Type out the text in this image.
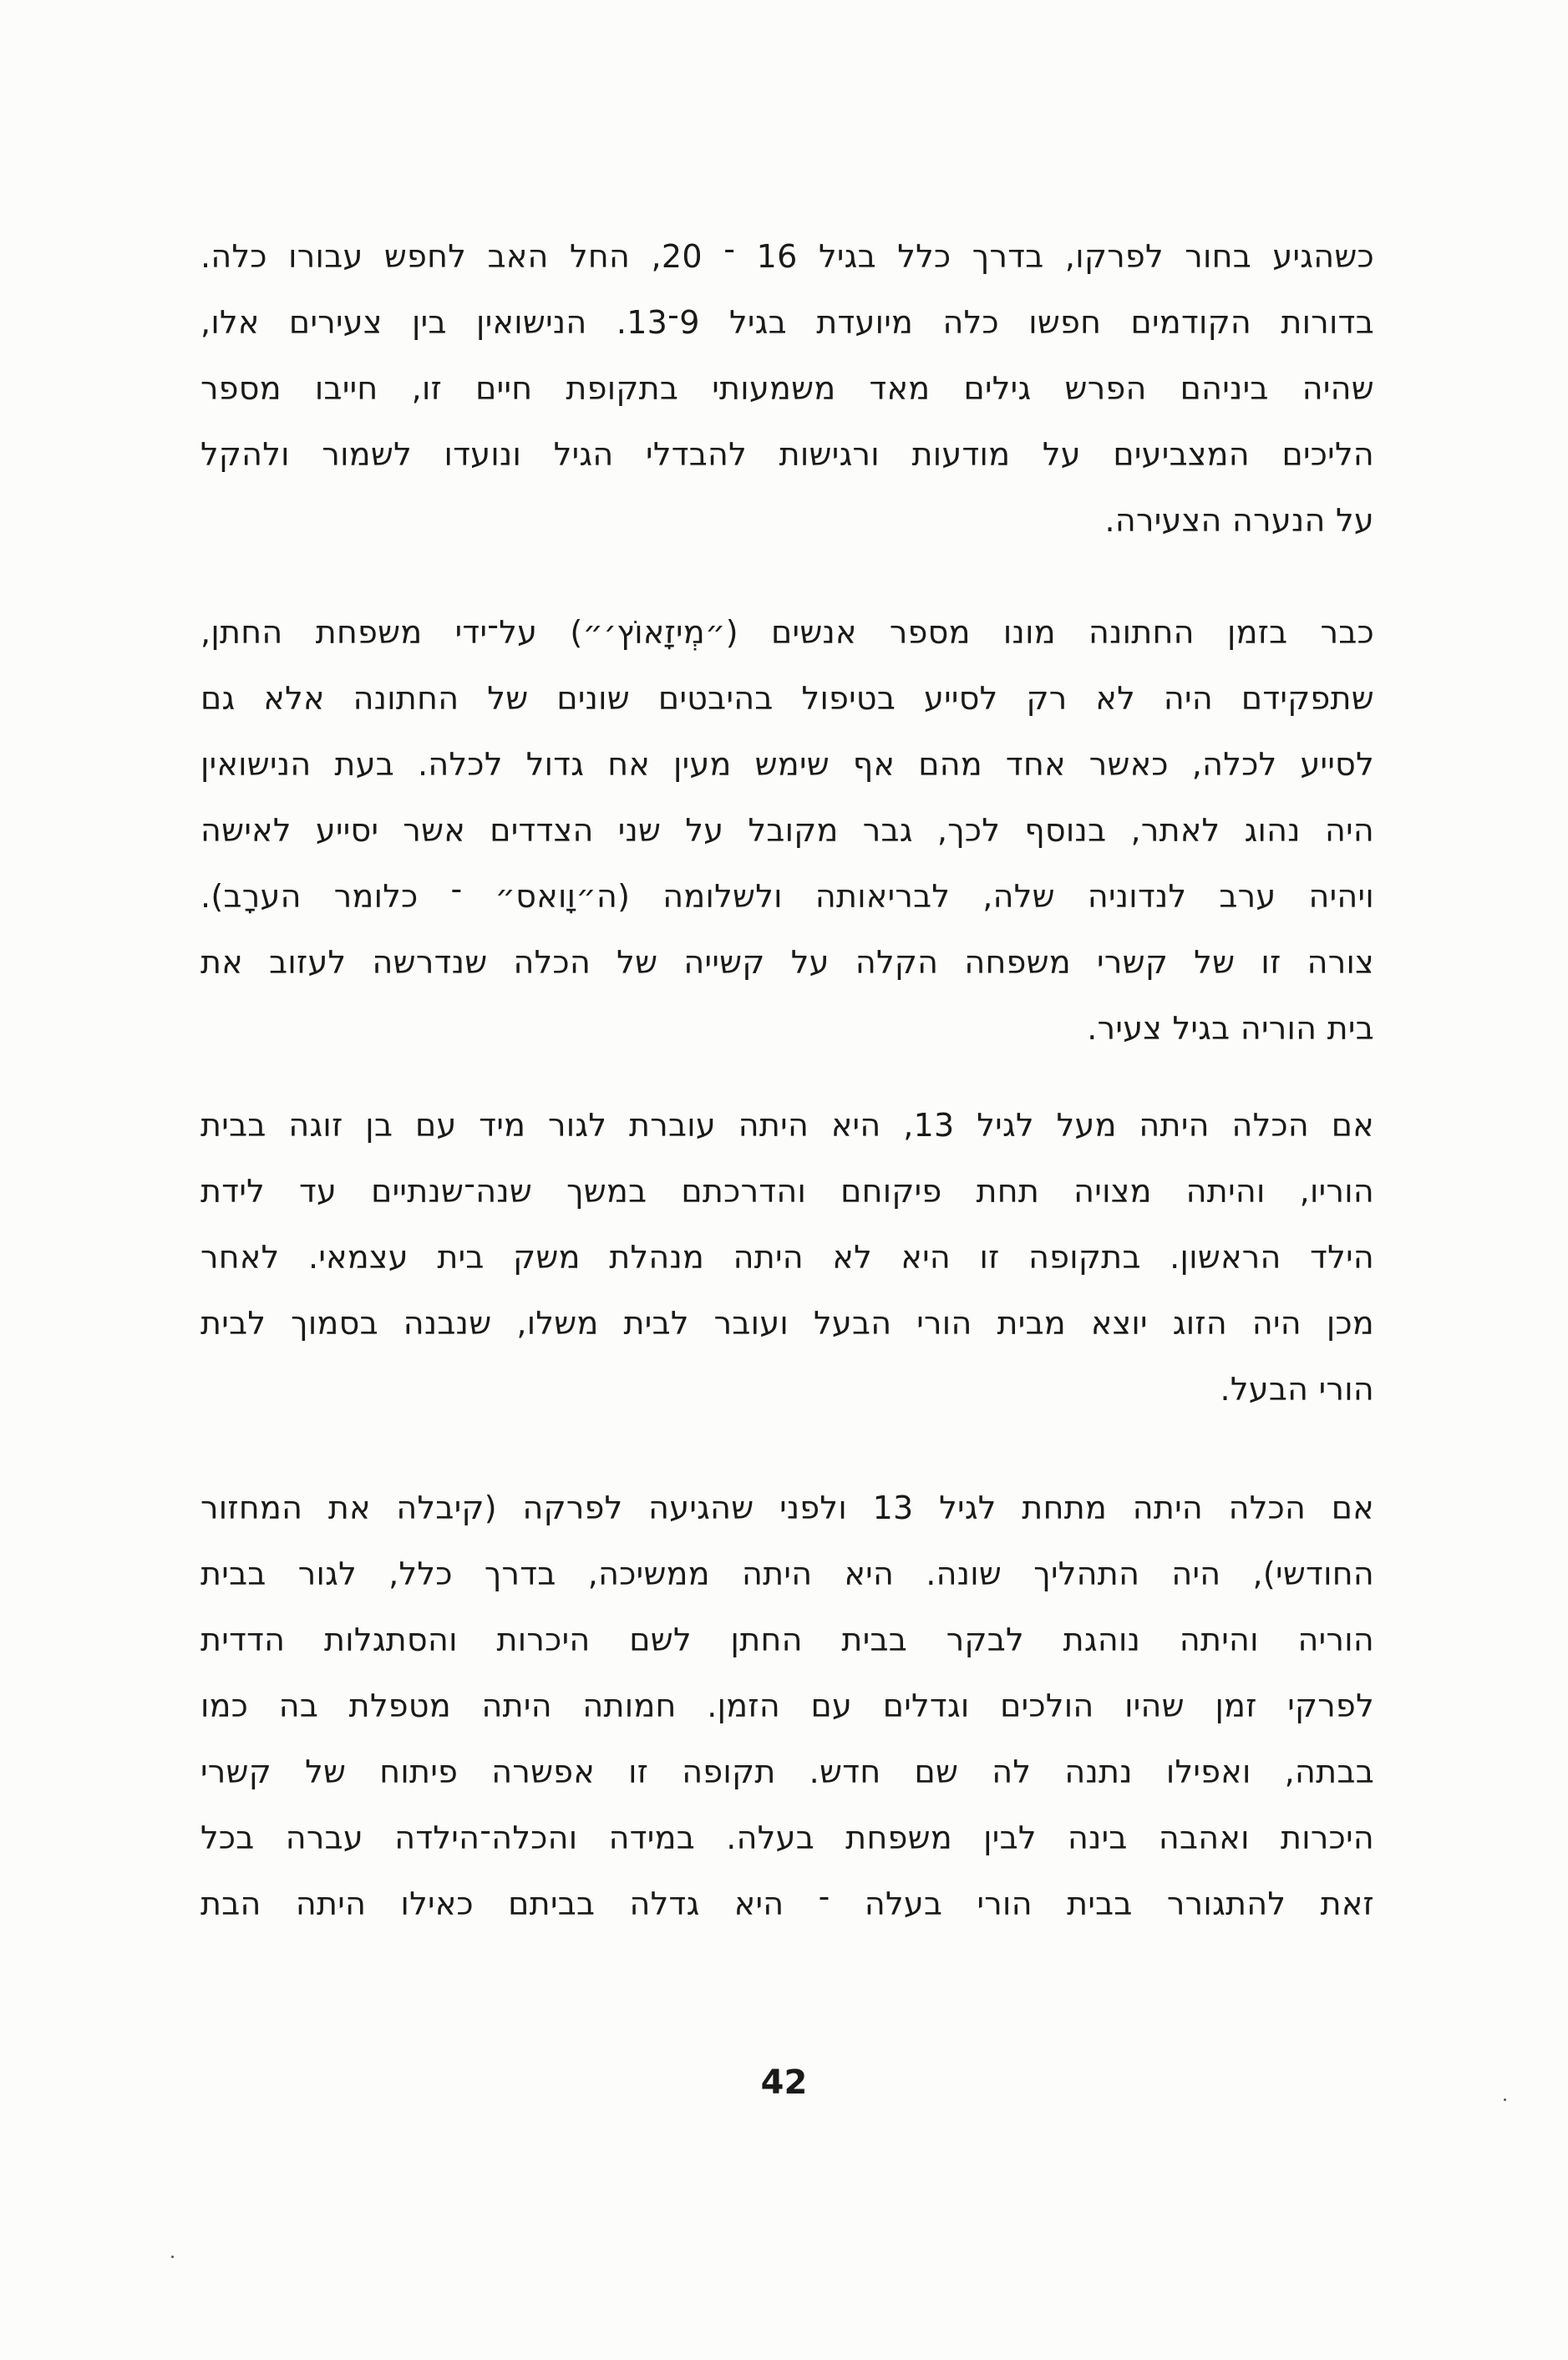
כשהגיע בחור לפרקו, בדרך כלל בגיל 16 ־ 20, החל האב לחפש עבורו כלה.
בדורות הקודמים חפשו כלה מיועדת בגיל 9־13. הנישואין בין צעירים אלו,
שהיה ביניהם הפרש גילים מאד משמעותי בתקופת חיים זו, חייבו מספר
הליכים המצביעים על מודעות ורגישות להבדלי הגיל ונועדו לשמור ולהקל
על הנערה הצעירה.
כבר בזמן החתונה מונו מספר אנשים (״מְיזָאוֹץ׳״) על־ידי משפחת החתן,
שתפקידם היה לא רק לסייע בטיפול בהיבטים שונים של החתונה אלא גם
לסייע לכלה, כאשר אחד מהם אף שימש מעין אח גדול לכלה. בעת הנישואין
היה נהוג לאתר, בנוסף לכך, גבר מקובל על שני הצדדים אשר יסייע לאישה
ויהיה ערב לנדוניה שלה, לבריאותה ולשלומה (ה״וָואס״ ־ כלומר הערָב).
צורה זו של קשרי משפחה הקלה על קשייה של הכלה שנדרשה לעזוב את
בית הוריה בגיל צעיר.
אם הכלה היתה מעל לגיל 13, היא היתה עוברת לגור מיד עם בן זוגה בבית
הוריו, והיתה מצויה תחת פיקוחם והדרכתם במשך שנה־שנתיים עד לידת
הילד הראשון. בתקופה זו היא לא היתה מנהלת משק בית עצמאי. לאחר
מכן היה הזוג יוצא מבית הורי הבעל ועובר לבית משלו, שנבנה בסמוך לבית
הורי הבעל.
אם הכלה היתה מתחת לגיל 13 ולפני שהגיעה לפרקה (קיבלה את המחזור
החודשי), היה התהליך שונה. היא היתה ממשיכה, בדרך כלל, לגור בבית
הוריה והיתה נוהגת לבקר בבית החתן לשם היכרות והסתגלות הדדית
לפרקי זמן שהיו הולכים וגדלים עם הזמן. חמותה היתה מטפלת בה כמו
בבתה, ואפילו נתנה לה שם חדש. תקופה זו אפשרה פיתוח של קשרי
היכרות ואהבה בינה לבין משפחת בעלה. במידה והכלה־הילדה עברה בכל
זאת להתגורר בבית הורי בעלה ־ היא גדלה בביתם כאילו היתה הבת
42
